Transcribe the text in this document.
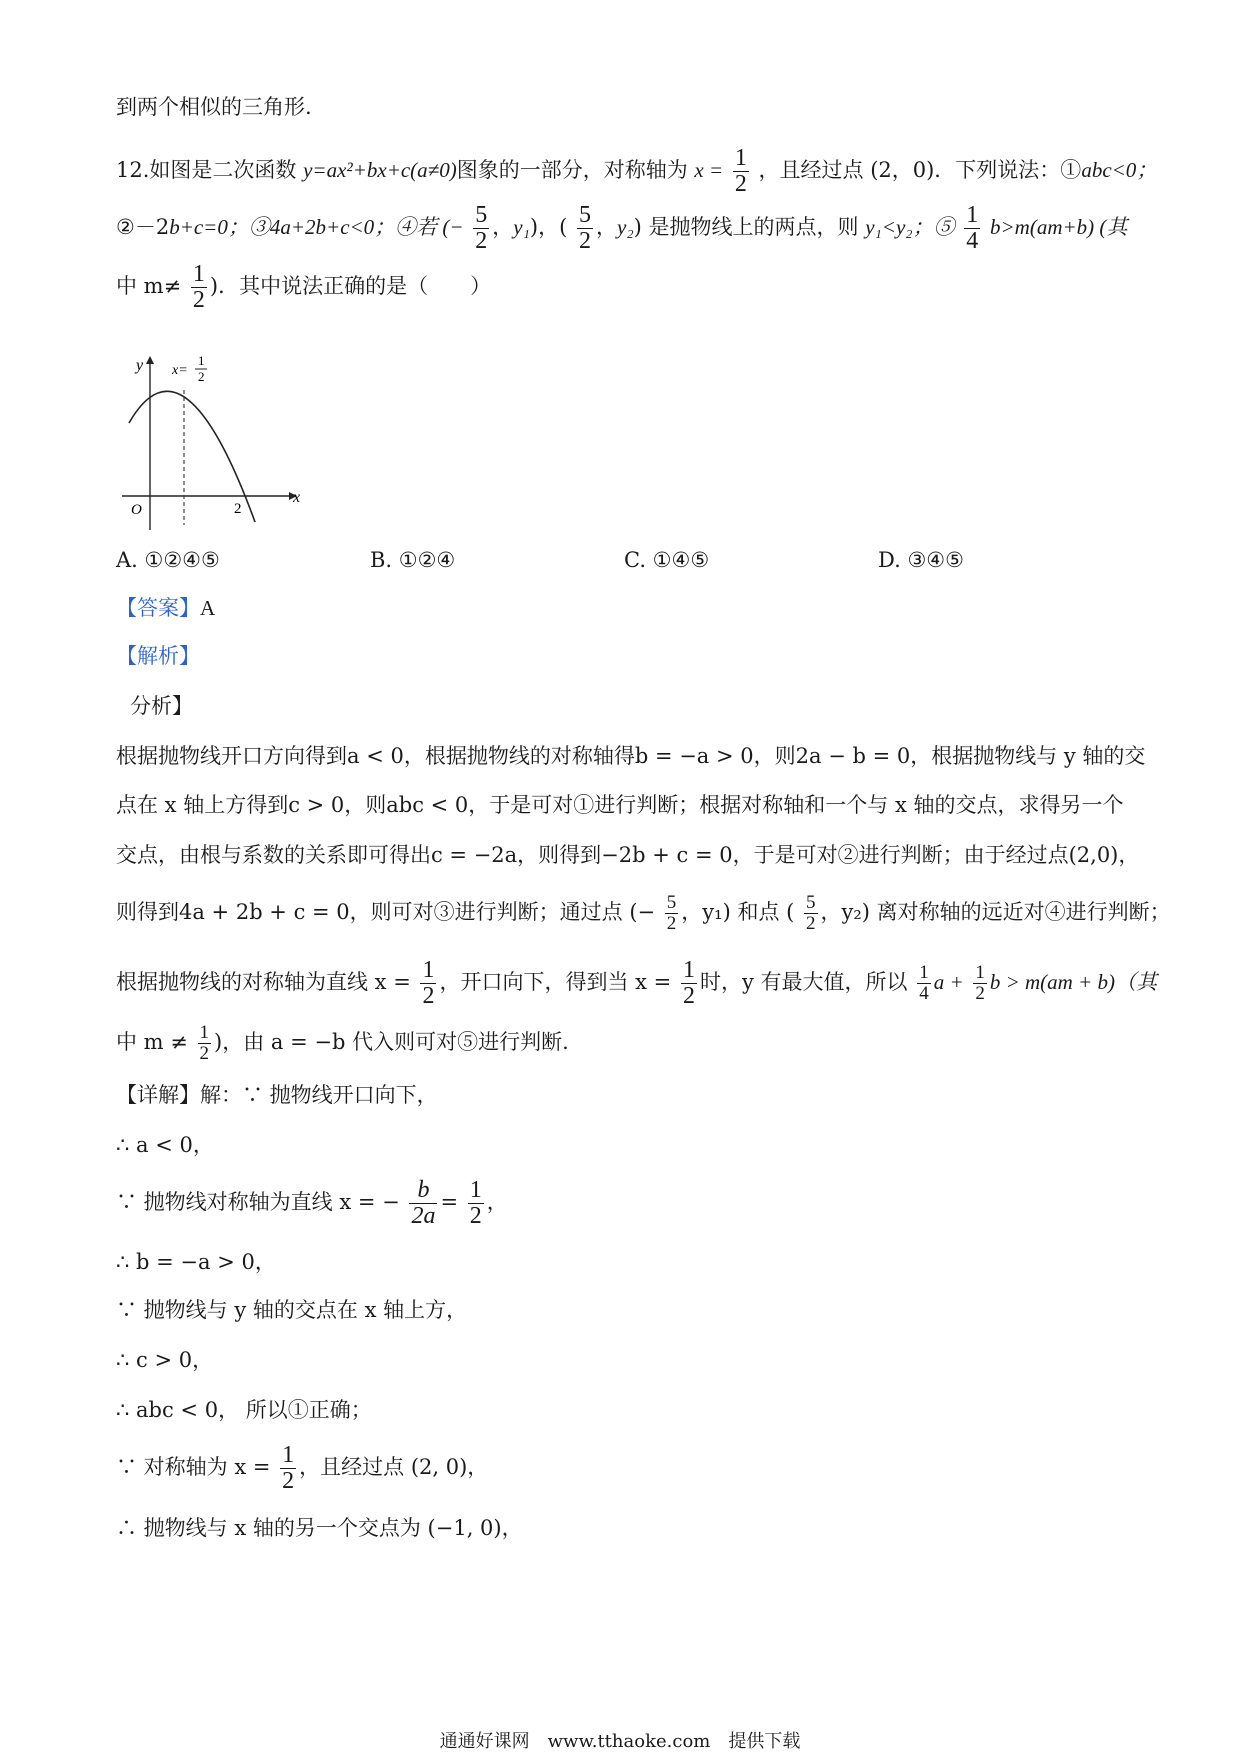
到两个相似的三角形.
12.如图是二次函数 y=ax²+bx+c(a≠0)图象的一部分，对称轴为 $x = \frac{1}{2}$ ，且经过点 (2，0)．下列说法：①abc<0；
②－2b+c=0；③4a+2b+c<0；④若 (− $\frac{5}{2}$ ，y₁)，( $\frac{5}{2}$ ，y₂) 是抛物线上的两点，则 y₁<y₂；⑤ $\frac{1}{4} b>m(am+b)$ (其
中 $m\ne \frac{1}{2}$ )．其中说法正确的是（　　）
y
x
O	2
x=
1
2
A. ①②④⑤	B. ①②④	C. ①④⑤	D. ③④⑤
【答案】A
【解析】
分析】
根据抛物线开口方向得到a < 0，根据抛物线的对称轴得b = −a > 0，则2a − b = 0，根据抛物线与 y 轴的交
点在 x 轴上方得到c > 0，则abc < 0，于是可对①进行判断；根据对称轴和一个与 x 轴的交点，求得另一个
交点，由根与系数的关系即可得出c = −2a，则得到−2b + c = 0，于是可对②进行判断；由于经过点(2,0)，
则得到4a + 2b + c = 0，则可对③进行判断；通过点 (− $\frac{5}{2}$ ，y₁) 和点 ( $\frac{5}{2}$ ，y₂) 离对称轴的远近对④进行判断；
根据抛物线的对称轴为直线 $x = \frac{1}{2}$ ，开口向下，得到当 $x = \frac{1}{2}$ 时，y 有最大值，所以 $\frac{1}{4}$ $a + \frac{1}{2}$ b > m(am + b)（其
中 $m \ne \frac{1}{2}$ )，由 a = −b 代入则可对⑤进行判断.
【详解】解：∵ 抛物线开口向下，
∴ a < 0，
∵ 抛物线对称轴为直线 x = − $\frac{b}{2a} = \frac{1}{2}$ ，
∴ b = −a > 0，
∵ 抛物线与 y 轴的交点在 x 轴上方，
∴ c > 0，
∴ abc < 0， 所以①正确；
∵ 对称轴为 $x = \frac{1}{2}$ ，且经过点 (2, 0)，
∴ 抛物线与 x 轴的另一个交点为 (−1, 0)，
通通好课网　www.tthaoke.com　提供下载
